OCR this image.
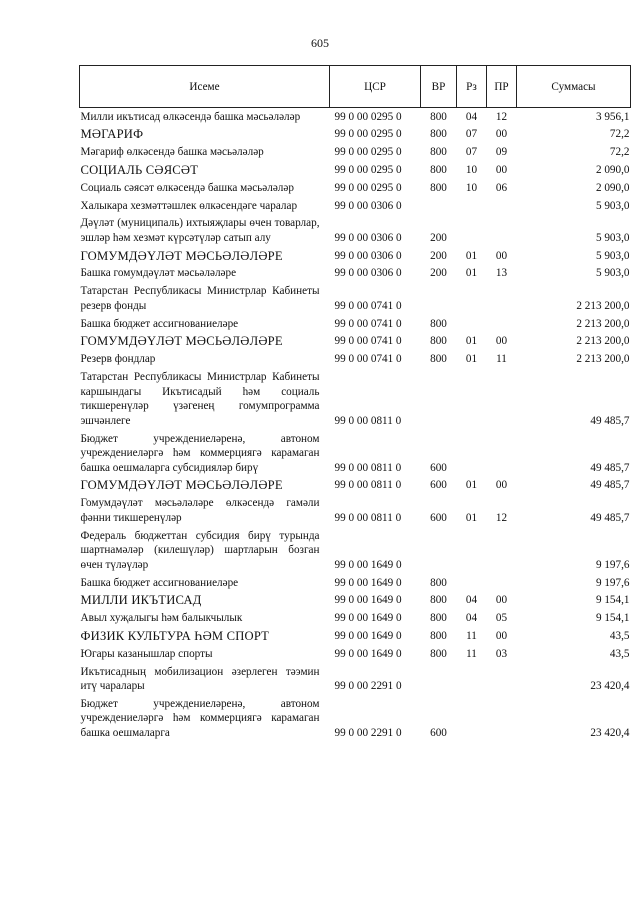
605
Исеме	ЦСР	ВР	Рз	ПР	Суммасы
Милли икътисад өлкәсендә башка мәсьәләләр	99 0 00 0295 0	800	04	12	3 956,1
МӘГАРИФ	99 0 00 0295 0	800	07	00	72,2
Мәгариф өлкәсендә башка мәсьәләләр	99 0 00 0295 0	800	07	09	72,2
СОЦИАЛЬ СӘЯСӘТ	99 0 00 0295 0	800	10	00	2 090,0
Социаль сәясәт өлкәсендә башка мәсьәләләр	99 0 00 0295 0	800	10	06	2 090,0
Халыкара хезмәттәшлек өлкәсендәге чаралар	99 0 00 0306 0				5 903,0
Дәүләт (муниципаль) ихтыяҗлары өчен товарлар, эшләр һәм хезмәт күрсәтүләр сатып алу	99 0 00 0306 0	200			5 903,0
ГОМУМДӘҮЛӘТ МӘСЬӘЛӘЛӘРЕ	99 0 00 0306 0	200	01	00	5 903,0
Башка гомумдәүләт мәсьәләләре	99 0 00 0306 0	200	01	13	5 903,0
Татарстан Республикасы Министрлар Кабинеты резерв фонды	99 0 00 0741 0				2 213 200,0
Башка бюджет ассигнованиеләре	99 0 00 0741 0	800			2 213 200,0
ГОМУМДӘҮЛӘТ МӘСЬӘЛӘЛӘРЕ	99 0 00 0741 0	800	01	00	2 213 200,0
Резерв фондлар	99 0 00 0741 0	800	01	11	2 213 200,0
Татарстан Республикасы Министрлар Кабинеты каршындагы Икътисадый һәм социаль тикшеренүләр үзәгенең гомумпрограмма эшчәнлеге	99 0 00 0811 0				49 485,7
Бюджет учреждениеләренә, автоном учреждениеләргә һәм коммерциягә карамаган башка оешмаларга субсидияләр бирү	99 0 00 0811 0	600			49 485,7
ГОМУМДӘҮЛӘТ МӘСЬӘЛӘЛӘРЕ	99 0 00 0811 0	600	01	00	49 485,7
Гомумдәүләт мәсьәләләре өлкәсендә гамәли фәнни тикшеренүләр	99 0 00 0811 0	600	01	12	49 485,7
Федераль бюджеттан субсидия бирү турында шартнамәләр (килешүләр) шартларын бозган өчен түләүләр	99 0 00 1649 0				9 197,6
Башка бюджет ассигнованиеләре	99 0 00 1649 0	800			9 197,6
МИЛЛИ ИКЪТИСАД	99 0 00 1649 0	800	04	00	9 154,1
Авыл хуҗалыгы һәм балыкчылык	99 0 00 1649 0	800	04	05	9 154,1
ФИЗИК КУЛЬТУРА ҺӘМ СПОРТ	99 0 00 1649 0	800	11	00	43,5
Югары казанышлар спорты	99 0 00 1649 0	800	11	03	43,5
Икътисадның мобилизацион әзерлеген тәэмин итү чаралары	99 0 00 2291 0				23 420,4
Бюджет учреждениеләренә, автоном учреждениеләргә һәм коммерциягә карамаган башка оешмаларга	99 0 00 2291 0	600			23 420,4
